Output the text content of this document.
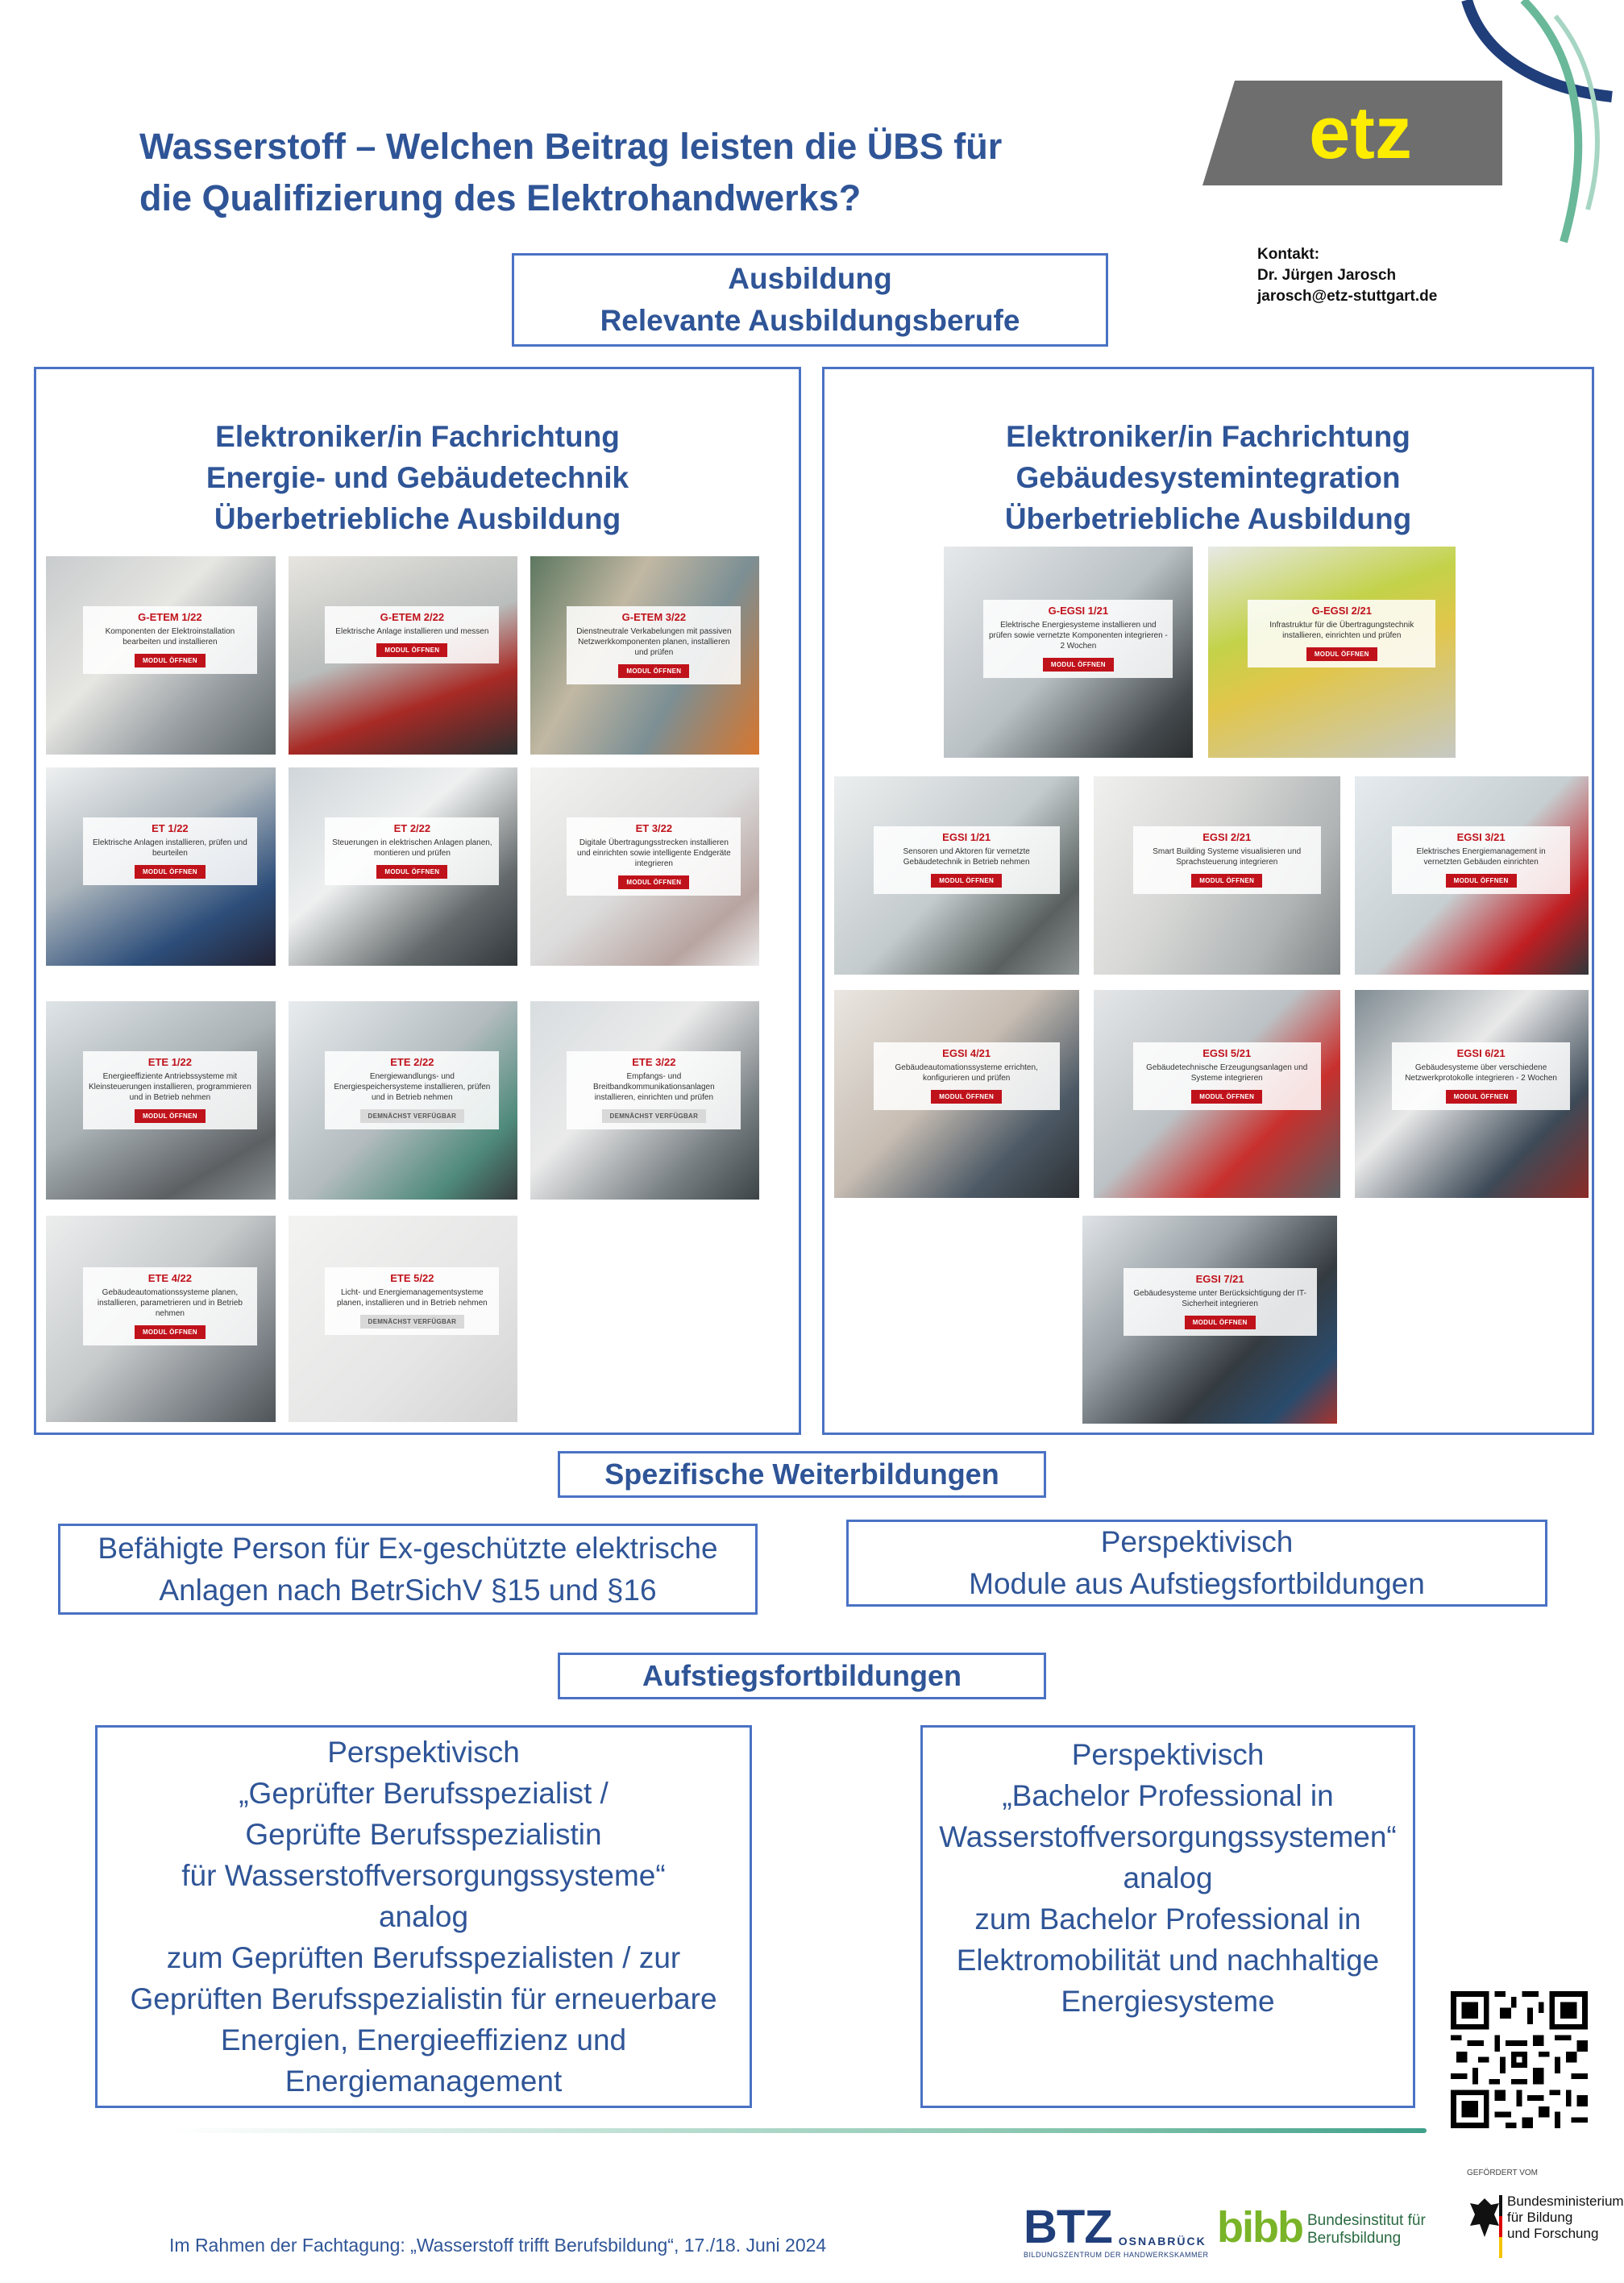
Wasserstoff – Welchen Beitrag leisten die ÜBS für
die Qualifizierung des Elektrohandwerks?
etz
Kontakt:
Dr. Jürgen Jarosch
jarosch@etz-stuttgart.de
Ausbildung
Relevante Ausbildungsberufe
Elektroniker/in Fachrichtung
Energie- und Gebäudetechnik
Überbetriebliche Ausbildung
G-ETEM 1/22
Komponenten der Elektroinstallation bearbeiten und installieren
MODUL ÖFFNEN
G-ETEM 2/22
Elektrische Anlage installieren und messen
MODUL ÖFFNEN
G-ETEM 3/22
Dienstneutrale Verkabelungen mit passiven Netzwerkkomponenten planen, installieren und prüfen
MODUL ÖFFNEN
ET 1/22
Elektrische Anlagen installieren, prüfen und beurteilen
MODUL ÖFFNEN
ET 2/22
Steuerungen in elektrischen Anlagen planen, montieren und prüfen
MODUL ÖFFNEN
ET 3/22
Digitale Übertragungsstrecken installieren und einrichten sowie intelligente Endgeräte integrieren
MODUL ÖFFNEN
ETE 1/22
Energieeffiziente Antriebssysteme mit Kleinsteuerungen installieren, programmieren und in Betrieb nehmen
MODUL ÖFFNEN
ETE 2/22
Energiewandlungs- und Energiespeichersysteme installieren, prüfen und in Betrieb nehmen
DEMNÄCHST VERFÜGBAR
ETE 3/22
Empfangs- und Breitbandkommunikationsanlagen installieren, einrichten und prüfen
DEMNÄCHST VERFÜGBAR
ETE 4/22
Gebäudeautomationssysteme planen, installieren, parametrieren und in Betrieb nehmen
MODUL ÖFFNEN
ETE 5/22
Licht- und Energiemanagementsysteme planen, installieren und in Betrieb nehmen
DEMNÄCHST VERFÜGBAR
Elektroniker/in Fachrichtung
Gebäudesystemintegration
Überbetriebliche Ausbildung
G-EGSI 1/21
Elektrische Energiesysteme installieren und prüfen sowie vernetzte Komponenten integrieren - 2 Wochen
MODUL ÖFFNEN
G-EGSI 2/21
Infrastruktur für die Übertragungstechnik installieren, einrichten und prüfen
MODUL ÖFFNEN
EGSI 1/21
Sensoren und Aktoren für vernetzte Gebäudetechnik in Betrieb nehmen
MODUL ÖFFNEN
EGSI 2/21
Smart Building Systeme visualisieren und Sprachsteuerung integrieren
MODUL ÖFFNEN
EGSI 3/21
Elektrisches Energiemanagement in vernetzten Gebäuden einrichten
MODUL ÖFFNEN
EGSI 4/21
Gebäudeautomationssysteme errichten, konfigurieren und prüfen
MODUL ÖFFNEN
EGSI 5/21
Gebäudetechnische Erzeugungsanlagen und Systeme integrieren
MODUL ÖFFNEN
EGSI 6/21
Gebäudesysteme über verschiedene Netzwerkprotokolle integrieren - 2 Wochen
MODUL ÖFFNEN
EGSI 7/21
Gebäudesysteme unter Berücksichtigung der IT-Sicherheit integrieren
MODUL ÖFFNEN
Spezifische Weiterbildungen
Befähigte Person für Ex-geschützte elektrische
Anlagen nach BetrSichV §15 und §16
Perspektivisch
Module aus Aufstiegsfortbildungen
Aufstiegsfortbildungen
Perspektivisch
„Geprüfter Berufsspezialist /
Geprüfte Berufsspezialistin
für Wasserstoffversorgungssysteme“
analog
zum Geprüften Berufsspezialisten / zur
Geprüften Berufsspezialistin für erneuerbare
Energien, Energieeffizienz und
Energiemanagement
Perspektivisch
„Bachelor Professional in
Wasserstoffversorgungssystemen“
analog
zum Bachelor Professional in
Elektromobilität und nachhaltige
Energiesysteme
Im Rahmen der Fachtagung: „Wasserstoff trifft Berufsbildung“, 17./18. Juni 2024	BTZ OSNABRÜCK
BILDUNGSZENTRUM DER HANDWERKSKAMMER
bibb Bundesinstitut für
Berufsbildung
GEFÖRDERT VOM
Bundesministerium
für Bildung
und Forschung
